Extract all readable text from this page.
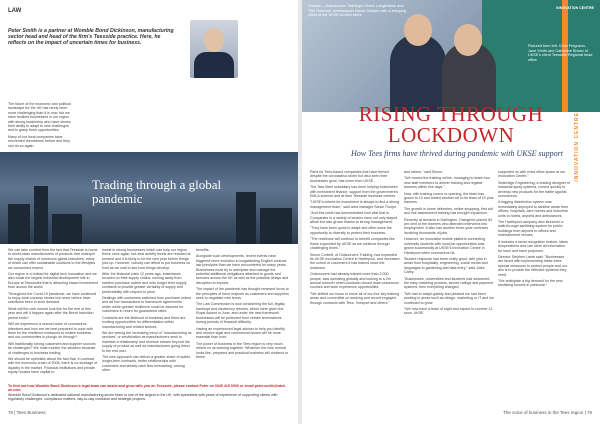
LAW
Peter Smith is a partner at Womble Bond Dickinson, manufacturing sector head and head of the firm's Teesside practice. Here, he reflects on the impact of uncertain times for business.
Trading through a global pandemic

The future of the economic and political landscape for the UK has rarely been more challenging than it is now, but we have resilient businesses in our region with strong leadership who have shown their ability to adapt to new challenges and to grasp fresh opportunities.

Many of our local companies have reinvented themselves before and they can do so again.

We can take comfort from the fact that Teesside is home to world-class manufacturers of products that underpin the supply chains of numerous global industries, many of which can offer sustainable solutions to the lifestyles we consumers expect.

Our region is a hotbed for digital tech innovation and we also boast the largest industrial development site in Europe at Teesworks that is attracting inward investment from across the world.

Throughout the Covid-19 pandemic, we have continued to enjoy local success stories but never before have cashflows been in such demand.

What will the new normal look like for the rest of this year and will it happen again after the Brexit transition period ends?

Will we experience a second wave of coronavirus infections and how are we best prepared to cope with them for the resilience measures to enable business and our communities to plough on through?

Will traditionally strong customers and supplier sources be challenged? We must monitor the situation because of challenges to business trading.

We should be optimistic about the fact that, in contrast with the economic crash of 2008, there is no shortage of liquidity in the market. Financial institutions and private equity houses have capital to

invest in strong businesses which can help our region thrive once again, but deal activity levels are reduced at present and it is likely to be the new year before things pick up. However, nobody can afford to put business on hold as we wait to see how things develop.

After the financial crisis 12 years ago, businesses focused on their supply chains, moving away from eastern purchase orders and onto longer term supply contracts to provide greater certainty of supply and predictability with respect to price.

Dealings with customers switched from purchase orders and ad hoc transactions to framework agreements under which greater resilience could be assured for customers in return for guaranteed rates.

Contracts are the lifeblood of business and there are exciting opportunities for differentiation within manufacturing and related sectors.

We are seeing the increasing trend of "manufacturing as services" or servitization as manufacturers seek to maintain a relationship and revenue stream beyond the supply of product as well as manufacturers going direct to the end user.

The new approach can deliver a greater share of wallet, longer-term contracts, better relationships with customers and steady cash flow forecasting, among other

benefits.

Alongside such developments, recent events have triggered more evolution in longstanding English contract law principles than we have encountered for many years. Businesses must try to anticipate and manage the potential additional obligations attached to goods and services across the UK as well as the possible delays and disruption to imports.

The impact of the pandemic has brought renewed focus to the principles of force majeure as customers and suppliers seek to negotiate new terms.

The Law Commission is now considering the full, legally bankrupt and insolvency reforms, which were given the Royal Assent in June, and under the new framework businesses will be protected from certain terminations during periods of financial difficulty.

Having an experienced legal adviser to help you identify and resolve legal and commercial issues will be more essential than ever.

The power of business in the Tees region is very much reliant on us working together. Whatever the new normal looks like, prepared and practical business will continue to thrive.

To find out how Womble Bond Dickinson's legal team can assist and grow with you on Teesside, please contact Peter on 0345 415 0000 or email peter.smith@wbd-uk.com

Womble Bond Dickinson's dedicated national manufacturing sector team is one of the largest in the UK, with specialists with years of experience of supporting clients with regulatory challenges, compliance matters, day-to-day contracts and strategic projects.
78 | Tees Business
Grazzle – Outsourcers Training's Simon Longbottom and 'The Dunnock' ambassador Nicola Dobson with a shipping client of the UKSE-funded client
INNOVATION CENTRE
Pictured from left: Chris Ferguson, Jane Smith and Catherine Brown of UKSE's client Teesside Regional head office
RISING THROUGH
LOCKDOWN
How Tees firms have thrived during pandemic with UKSE support	INNOVATION CENTRE

Parts for Tees-based companies that have thrived despite the coronavirus storm but also seen their businesses grow, has come from UKSE.

The Tata Steel subsidiary has been helping businesses with investment finance, support from the government's EMLA scheme and at their Teesside business centres.

"UKSE's criteria for investment is always to find a strong management team," said area manager Sarah Thorpe.

"And this crisis has demonstrated how vital that is. Companies in a variety of sectors have not only stayed afloat but also grown thanks to strong management.

"They have been quick to adapt and often seize the opportunity to diversify to protect their business.

"The resilience will continue to benefit companies like those supported by UKSE as we continue through challenging times."

Simon Corbett, of Outsourcers Training, has expanded its UKSE Innovation Centre in Hartlepool, and increased the cohort of customers it has trained since the lockdown.

Outsourcers had already trained more than 2,000 people, was operating globally and looking to a 2m annual turnover when lockdown closed down classroom courses and work experience opportunities.

"We shifted our focus to move all of our four key training areas and convertible on seeking and recruit engaged through contracts with Tees, Teesport and others."

and others," said Simon.

"We moved the training online, managing to teach two new staff members to deliver training and register learners within five days."

Now, with training rooms re-opening, the team has grown to 10 and added another six to its team of 10 plus trainees.

The growth in home deliveries, online shopping, first aid and risk assessment training has brought expansion.

Recently at Annavia in Darlington, Orangeinc placed 84 per cent of the learners who attended interviews into employment. It also has another three-year contracts involving thousands of jobs.

However, an innovative mobile platform connecting university students with local job opportunities was grown successfully at UKSE's Innovation Centre in Hartlepool when coronavirus hit.

Student response had been really good, with jobs in areas from hospitality, engineering, social media and languages to gardening and data entry," said Jules Carey.

"Businesses, universities and students had welcomed the easy matching process, secure ratings and payment systems, then everything changed.

"We had to adapt quickly and pleased we had been working in areas such as design, marketing or IT and we continued to grow.

"We now have a team of eight and expect to number 12 soon. UKSE

supported us with extra office space at our Innovation Centre."

Seabridge Engineering, a leading designer of industrial spray systems, moved quickly to develop new products for the battle against coronavirus.

A fogging disinfection system was immediately deployed to sanitise areas from offices, hospitals, care homes and industrial units to hotels, airports and ambulances.

The Hartlepool company also launched a walk-through sanitising system for public buildings from airports to offices and entertainment venues.

It includes a facial recognition feature, takes temperatures and can store all information for track and trace purposes.

Director Stephen Lamb said: "Businesses are faced with implementing these extra special measures to protect people and our aim is to provide the effective systems they need.

"We anticipate a big demand for the new sanitising tunnels in particular."

The voice of business in the Tees region | 79
